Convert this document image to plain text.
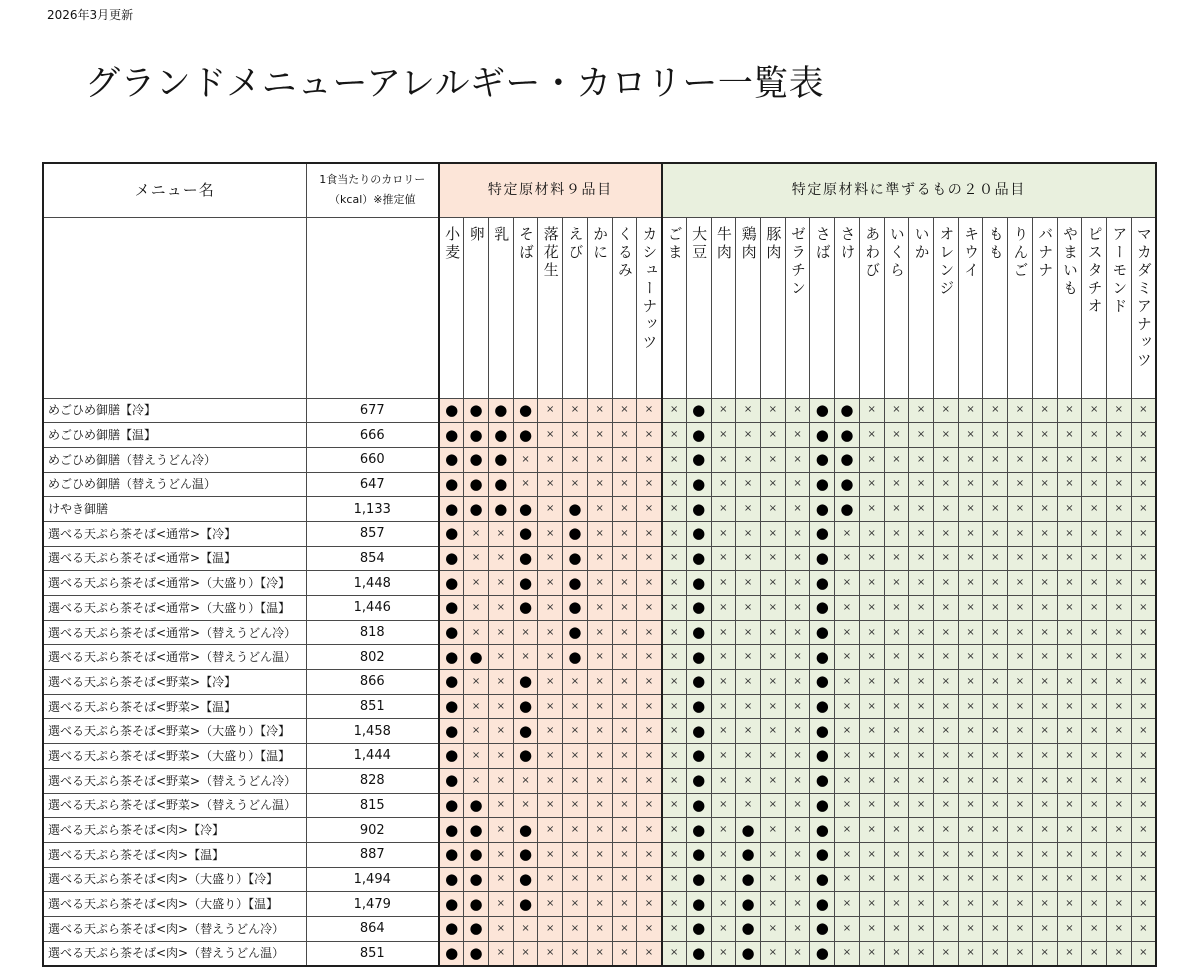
2026年3月更新
グランドメニューアレルギー・カロリー一覧表
メニュー名	1食当たりのカロリー
（kcal）※推定値	特定原材料９品目									特定原材料に準ずるもの２０品目																			
		小麦	卵	乳	そば	落花生	えび	かに	くるみ	カシューナッツ	ごま	大豆	牛肉	鶏肉	豚肉	ゼラチン	さば	さけ	あわび	いくら	いか	オレンジ	キウイ	もも	りんご	バナナ	やまいも	ピスタチオ	アーモンド	マカダミアナッツ
めごひめ御膳【冷】	677	●	●	●	●	×	×	×	×	×	×	●	×	×	×	×	●	●	×	×	×	×	×	×	×	×	×	×	×	×
めごひめ御膳【温】	666	●	●	●	●	×	×	×	×	×	×	●	×	×	×	×	●	●	×	×	×	×	×	×	×	×	×	×	×	×
めごひめ御膳（替えうどん冷）	660	●	●	●	×	×	×	×	×	×	×	●	×	×	×	×	●	●	×	×	×	×	×	×	×	×	×	×	×	×
めごひめ御膳（替えうどん温）	647	●	●	●	×	×	×	×	×	×	×	●	×	×	×	×	●	●	×	×	×	×	×	×	×	×	×	×	×	×
けやき御膳	1,133	●	●	●	●	×	●	×	×	×	×	●	×	×	×	×	●	●	×	×	×	×	×	×	×	×	×	×	×	×
選べる天ぷら茶そば<通常>【冷】	857	●	×	×	●	×	●	×	×	×	×	●	×	×	×	×	●	×	×	×	×	×	×	×	×	×	×	×	×	×
選べる天ぷら茶そば<通常>【温】	854	●	×	×	●	×	●	×	×	×	×	●	×	×	×	×	●	×	×	×	×	×	×	×	×	×	×	×	×	×
選べる天ぷら茶そば<通常>（大盛り）【冷】	1,448	●	×	×	●	×	●	×	×	×	×	●	×	×	×	×	●	×	×	×	×	×	×	×	×	×	×	×	×	×
選べる天ぷら茶そば<通常>（大盛り）【温】	1,446	●	×	×	●	×	●	×	×	×	×	●	×	×	×	×	●	×	×	×	×	×	×	×	×	×	×	×	×	×
選べる天ぷら茶そば<通常>（替えうどん冷）	818	●	×	×	×	×	●	×	×	×	×	●	×	×	×	×	●	×	×	×	×	×	×	×	×	×	×	×	×	×
選べる天ぷら茶そば<通常>（替えうどん温）	802	●	●	×	×	×	●	×	×	×	×	●	×	×	×	×	●	×	×	×	×	×	×	×	×	×	×	×	×	×
選べる天ぷら茶そば<野菜>【冷】	866	●	×	×	●	×	×	×	×	×	×	●	×	×	×	×	●	×	×	×	×	×	×	×	×	×	×	×	×	×
選べる天ぷら茶そば<野菜>【温】	851	●	×	×	●	×	×	×	×	×	×	●	×	×	×	×	●	×	×	×	×	×	×	×	×	×	×	×	×	×
選べる天ぷら茶そば<野菜>（大盛り）【冷】	1,458	●	×	×	●	×	×	×	×	×	×	●	×	×	×	×	●	×	×	×	×	×	×	×	×	×	×	×	×	×
選べる天ぷら茶そば<野菜>（大盛り）【温】	1,444	●	×	×	●	×	×	×	×	×	×	●	×	×	×	×	●	×	×	×	×	×	×	×	×	×	×	×	×	×
選べる天ぷら茶そば<野菜>（替えうどん冷）	828	●	×	×	×	×	×	×	×	×	×	●	×	×	×	×	●	×	×	×	×	×	×	×	×	×	×	×	×	×
選べる天ぷら茶そば<野菜>（替えうどん温）	815	●	●	×	×	×	×	×	×	×	×	●	×	×	×	×	●	×	×	×	×	×	×	×	×	×	×	×	×	×
選べる天ぷら茶そば<肉>【冷】	902	●	●	×	●	×	×	×	×	×	×	●	×	●	×	×	●	×	×	×	×	×	×	×	×	×	×	×	×	×
選べる天ぷら茶そば<肉>【温】	887	●	●	×	●	×	×	×	×	×	×	●	×	●	×	×	●	×	×	×	×	×	×	×	×	×	×	×	×	×
選べる天ぷら茶そば<肉>（大盛り）【冷】	1,494	●	●	×	●	×	×	×	×	×	×	●	×	●	×	×	●	×	×	×	×	×	×	×	×	×	×	×	×	×
選べる天ぷら茶そば<肉>（大盛り）【温】	1,479	●	●	×	●	×	×	×	×	×	×	●	×	●	×	×	●	×	×	×	×	×	×	×	×	×	×	×	×	×
選べる天ぷら茶そば<肉>（替えうどん冷）	864	●	●	×	×	×	×	×	×	×	×	●	×	●	×	×	●	×	×	×	×	×	×	×	×	×	×	×	×	×
選べる天ぷら茶そば<肉>（替えうどん温）	851	●	●	×	×	×	×	×	×	×	×	●	×	●	×	×	●	×	×	×	×	×	×	×	×	×	×	×	×	×
